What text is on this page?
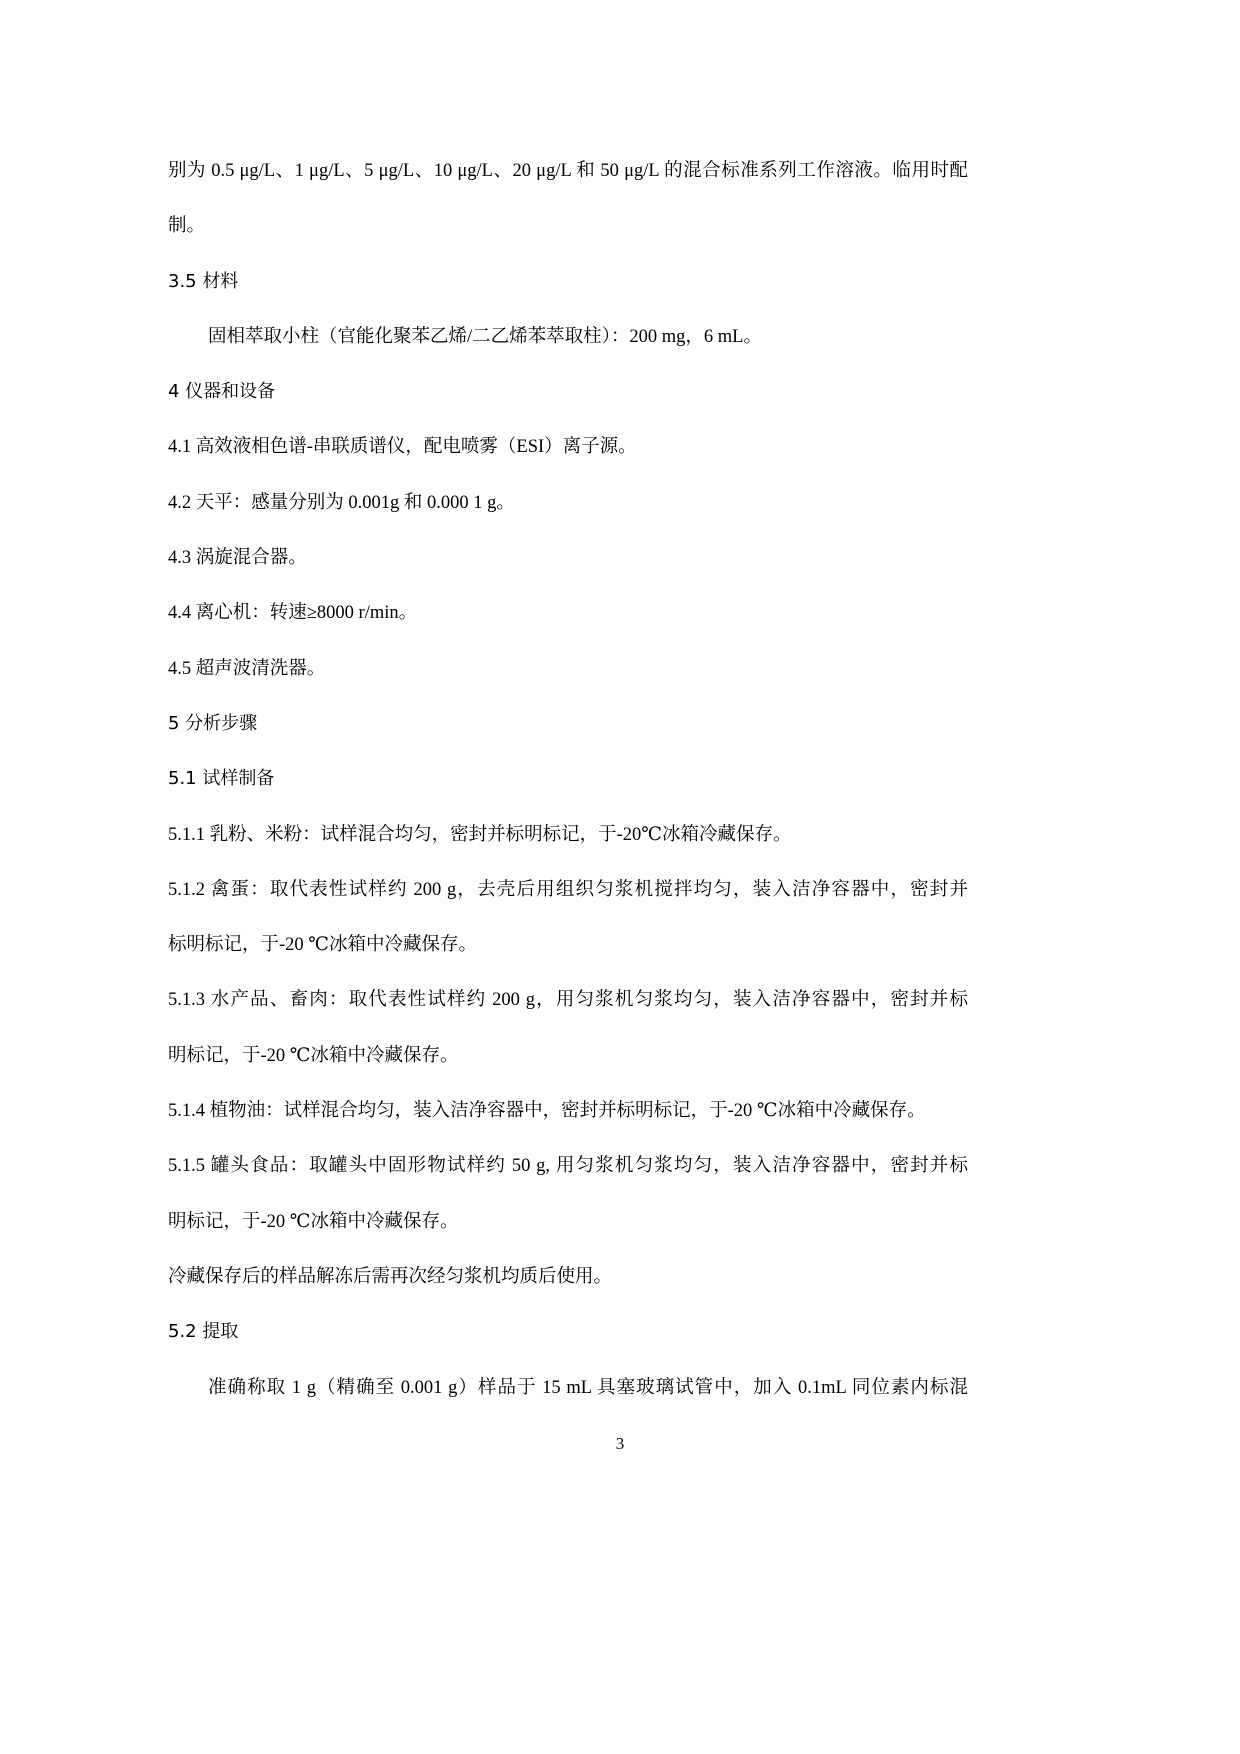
别为 0.5 μg/L、1 μg/L、5 μg/L、10 μg/L、20 μg/L 和 50 μg/L 的混合标准系列工作溶液。临用时配
制。
3.5 材料
固相萃取小柱（官能化聚苯乙烯/二乙烯苯萃取柱）：200 mg，6 mL。
4 仪器和设备
4.1 高效液相色谱-串联质谱仪，配电喷雾（ESI）离子源。
4.2 天平：感量分别为 0.001g 和 0.000 1 g。
4.3 涡旋混合器。
4.4 离心机：转速≥8000 r/min。
4.5 超声波清洗器。
5 分析步骤
5.1 试样制备
5.1.1 乳粉、米粉：试样混合均匀，密封并标明标记，于-20℃冰箱冷藏保存。
5.1.2 禽蛋：取代表性试样约 200 g，去壳后用组织匀浆机搅拌均匀，装入洁净容器中，密封并
标明标记，于-20 ℃冰箱中冷藏保存。
5.1.3 水产品、畜肉：取代表性试样约 200 g，用匀浆机匀浆均匀，装入洁净容器中，密封并标
明标记，于-20 ℃冰箱中冷藏保存。
5.1.4 植物油：试样混合均匀，装入洁净容器中，密封并标明标记，于-20 ℃冰箱中冷藏保存。
5.1.5 罐头食品：取罐头中固形物试样约 50 g, 用匀浆机匀浆均匀，装入洁净容器中，密封并标
明标记，于-20 ℃冰箱中冷藏保存。
冷藏保存后的样品解冻后需再次经匀浆机均质后使用。
5.2 提取
准确称取 1 g（精确至 0.001 g）样品于 15 mL 具塞玻璃试管中，加入 0.1mL 同位素内标混
3
